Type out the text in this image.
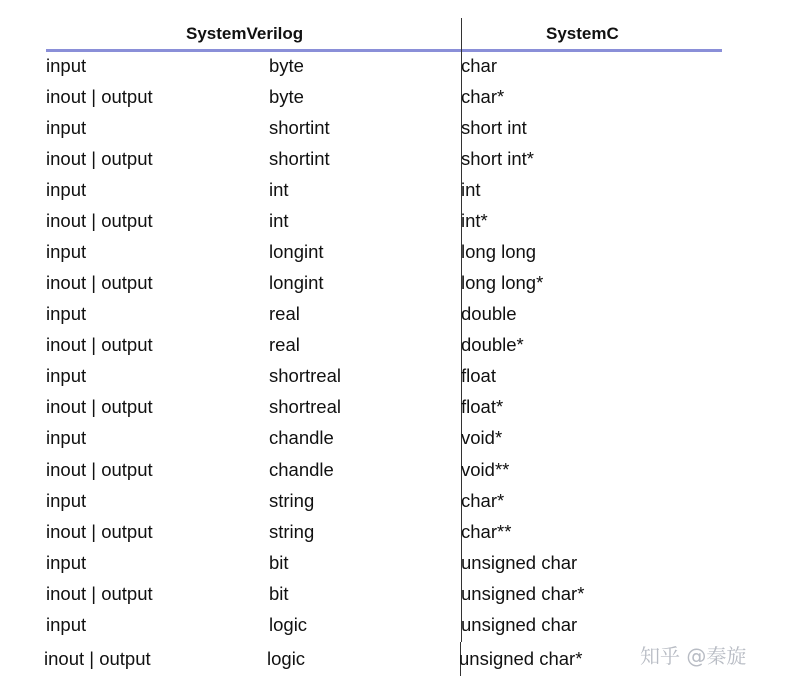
SystemVerilog	SystemC
input	byte	char
inout | output	byte	char*
input	shortint	short int
inout | output	shortint	short int*
input	int	int
inout | output	int	int*
input	longint	long long
inout | output	longint	long long*
input	real	double
inout | output	real	double*
input	shortreal	float
inout | output	shortreal	float*
input	chandle	void*
inout | output	chandle	void**
input	string	char*
inout | output	string	char**
input	bit	unsigned char
inout | output	bit	unsigned char*
input	logic	unsigned char
inout | output	logic	unsigned char*	知乎 @秦旋
